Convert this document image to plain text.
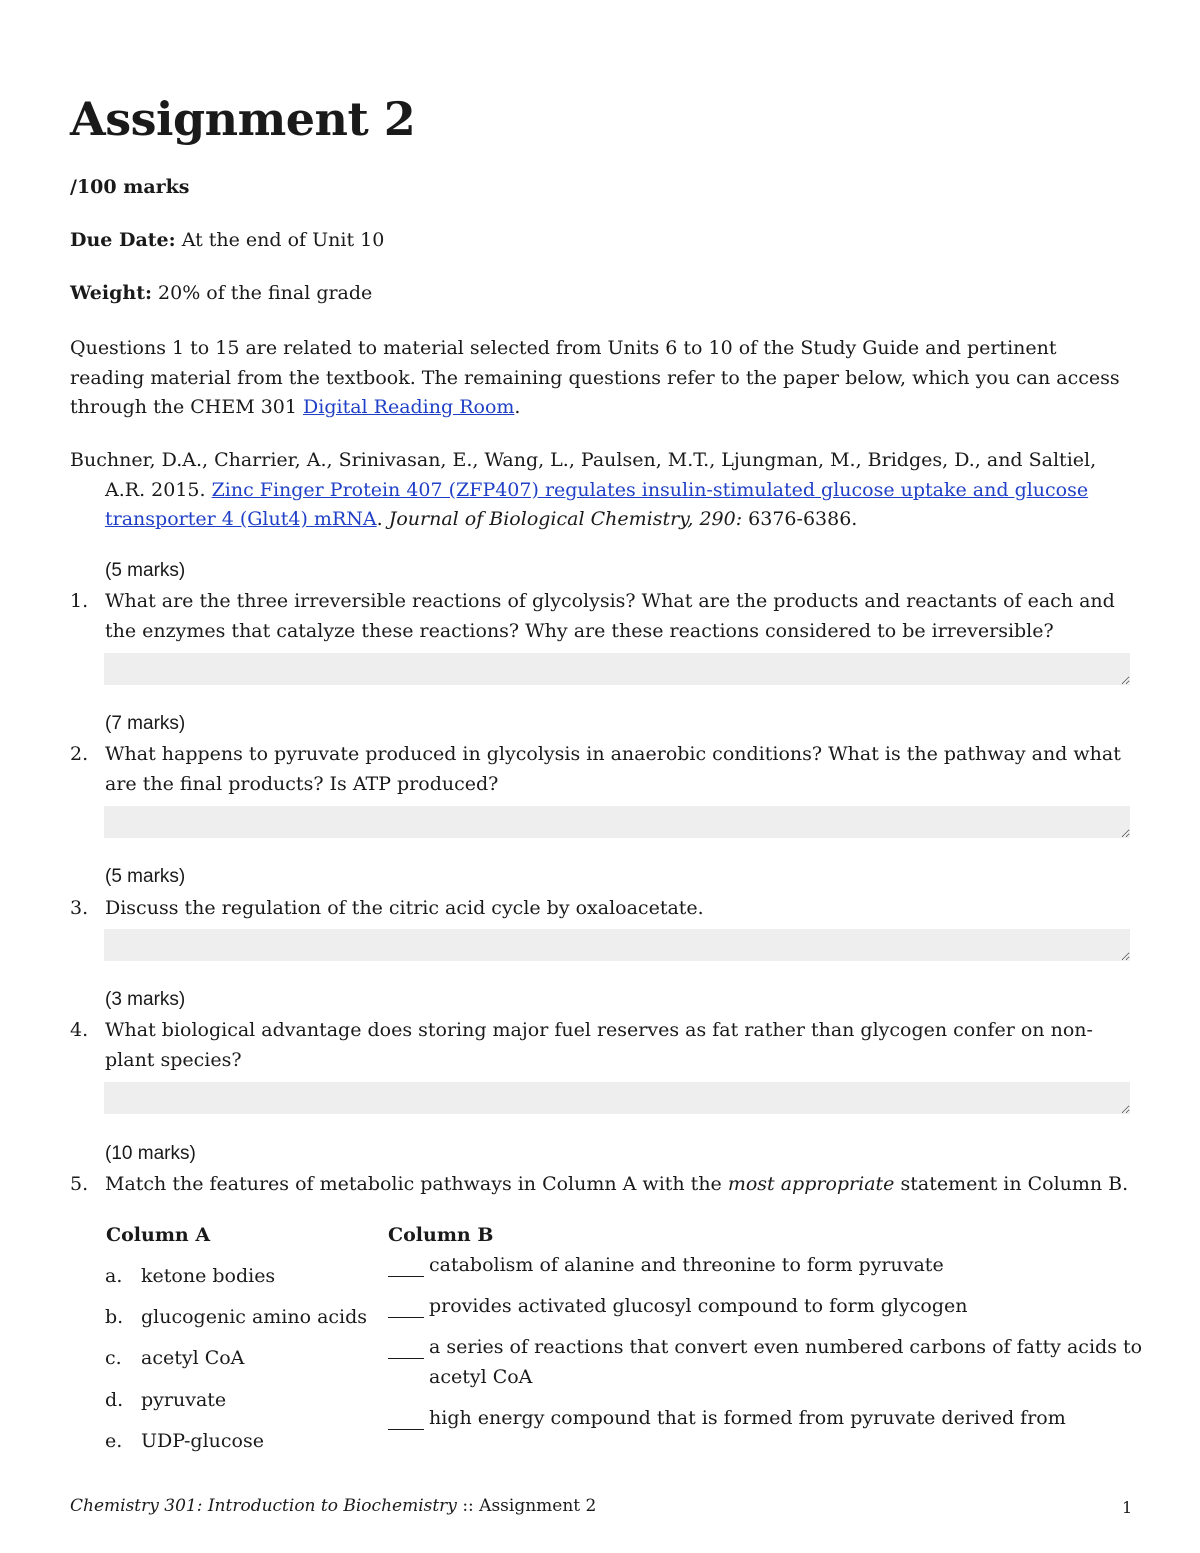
Assignment 2
/100 marks
Due Date: At the end of Unit 10
Weight: 20% of the final grade
Questions 1 to 15 are related to material selected from Units 6 to 10 of the Study Guide and pertinent reading material from the textbook. The remaining questions refer to the paper below, which you can access through the CHEM 301 Digital Reading Room.
Buchner, D.A., Charrier, A., Srinivasan, E., Wang, L., Paulsen, M.T., Ljungman, M., Bridges, D., and Saltiel, A.R. 2015. Zinc Finger Protein 407 (ZFP407) regulates insulin-stimulated glucose uptake and glucose transporter 4 (Glut4) mRNA. Journal of Biological Chemistry, 290: 6376-6386.
(5 marks)
1. What are the three irreversible reactions of glycolysis? What are the products and reactants of each and the enzymes that catalyze these reactions? Why are these reactions considered to be irreversible?
(7 marks)
2. What happens to pyruvate produced in glycolysis in anaerobic conditions? What is the pathway and what are the final products? Is ATP produced?
(5 marks)
3. Discuss the regulation of the citric acid cycle by oxaloacetate.
(3 marks)
4. What biological advantage does storing major fuel reserves as fat rather than glycogen confer on non-plant species?
(10 marks)
5. Match the features of metabolic pathways in Column A with the most appropriate statement in Column B.
Column A	Column B
a. ketone bodies
b. glucogenic amino acids
c. acetyl CoA
d. pyruvate
e. UDP-glucose
catabolism of alanine and threonine to form pyruvate
provides activated glucosyl compound to form glycogen
a series of reactions that convert even numbered carbons of fatty acids to acetyl CoA
high energy compound that is formed from pyruvate derived from
Chemistry 301: Introduction to Biochemistry :: Assignment 2	1
